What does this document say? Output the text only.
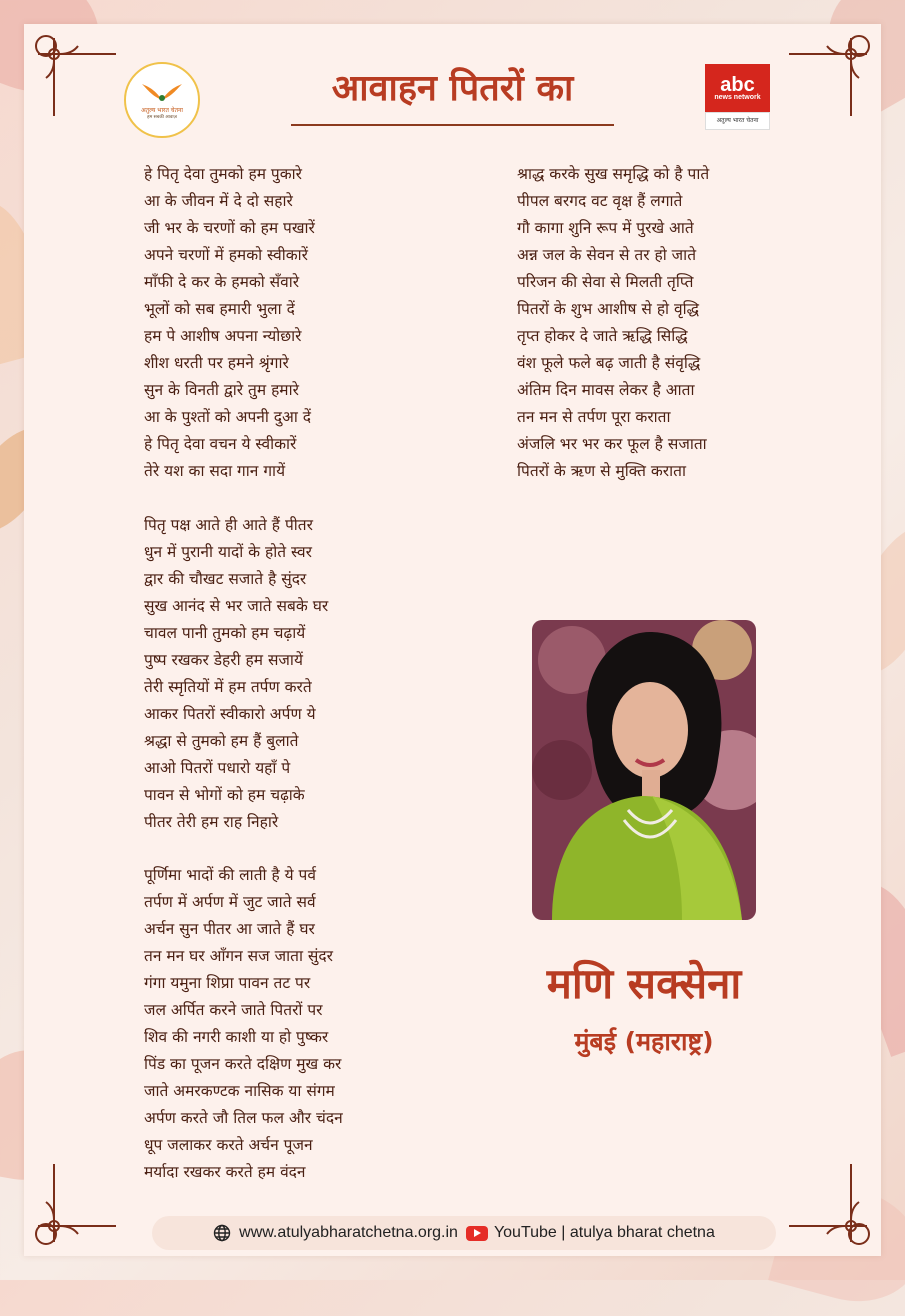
अतुल्य भारत चेतना
हम सबकी आवाज़
आवाहन पितरों का	abc
news network
अतुल्य भारत चेतना
हे पितृ देवा तुमको हम पुकारे
आ के जीवन में दे दो सहारे
जी भर के चरणों को हम पखारें
अपने चरणों में हमको स्वीकारें
माँफी दे कर के हमको सँवारे
भूलों को सब हमारी भुला दें
हम पे आशीष अपना न्योछारे
शीश धरती पर हमने श्रृंगारे
सुन के विनती द्वारे तुम हमारे
आ के पुश्तों को अपनी दुआ दें
हे पितृ देवा वचन ये स्वीकारें
तेरे यश का सदा गान गायें
पितृ पक्ष आते ही आते हैं पीतर
धुन में पुरानी यादों के होते स्वर
द्वार की चौखट सजाते है सुंदर
सुख आनंद से भर जाते सबके घर
चावल पानी तुमको हम चढ़ायें
पुष्प रखकर डेहरी हम सजायें
तेरी स्मृतियों में हम तर्पण करते
आकर पितरों स्वीकारो अर्पण ये
श्रद्धा से तुमको हम हैं बुलाते
आओ पितरों पधारो यहाँ पे
पावन से भोगों को हम चढ़ाके
पीतर तेरी हम राह निहारे
पूर्णिमा भादों की लाती है ये पर्व
तर्पण में अर्पण में जुट जाते सर्व
अर्चन सुन पीतर आ जाते हैं घर
तन मन घर आँगन सज जाता सुंदर
गंगा यमुना शिप्रा पावन तट पर
जल अर्पित करने जाते पितरों पर
शिव की नगरी काशी या हो पुष्कर
पिंड का पूजन करते दक्षिण मुख कर
जाते अमरकण्टक नासिक या संगम
अर्पण करते जौ तिल फल और चंदन
धूप जलाकर करते अर्चन पूजन
मर्यादा रखकर करते हम वंदन
श्राद्ध करके सुख समृद्धि को है पाते
पीपल बरगद वट वृक्ष हैं लगाते
गौ कागा शुनि रूप में पुरखे आते
अन्न जल के सेवन से तर हो जाते
परिजन की सेवा से मिलती तृप्ति
पितरों के शुभ आशीष से हो वृद्धि
तृप्त होकर दे जाते ऋद्धि सिद्धि
वंश फूले फले बढ़ जाती है संवृद्धि
अंतिम दिन मावस लेकर है आता
तन मन से तर्पण पूरा कराता
अंजलि भर भर कर फूल है सजाता
पितरों के ऋण से मुक्ति कराता
मणि सक्सेना

मुंबई (महाराष्ट्र)

www.atulyabharatchetna.org.in YouTube | atulya bharat chetna
